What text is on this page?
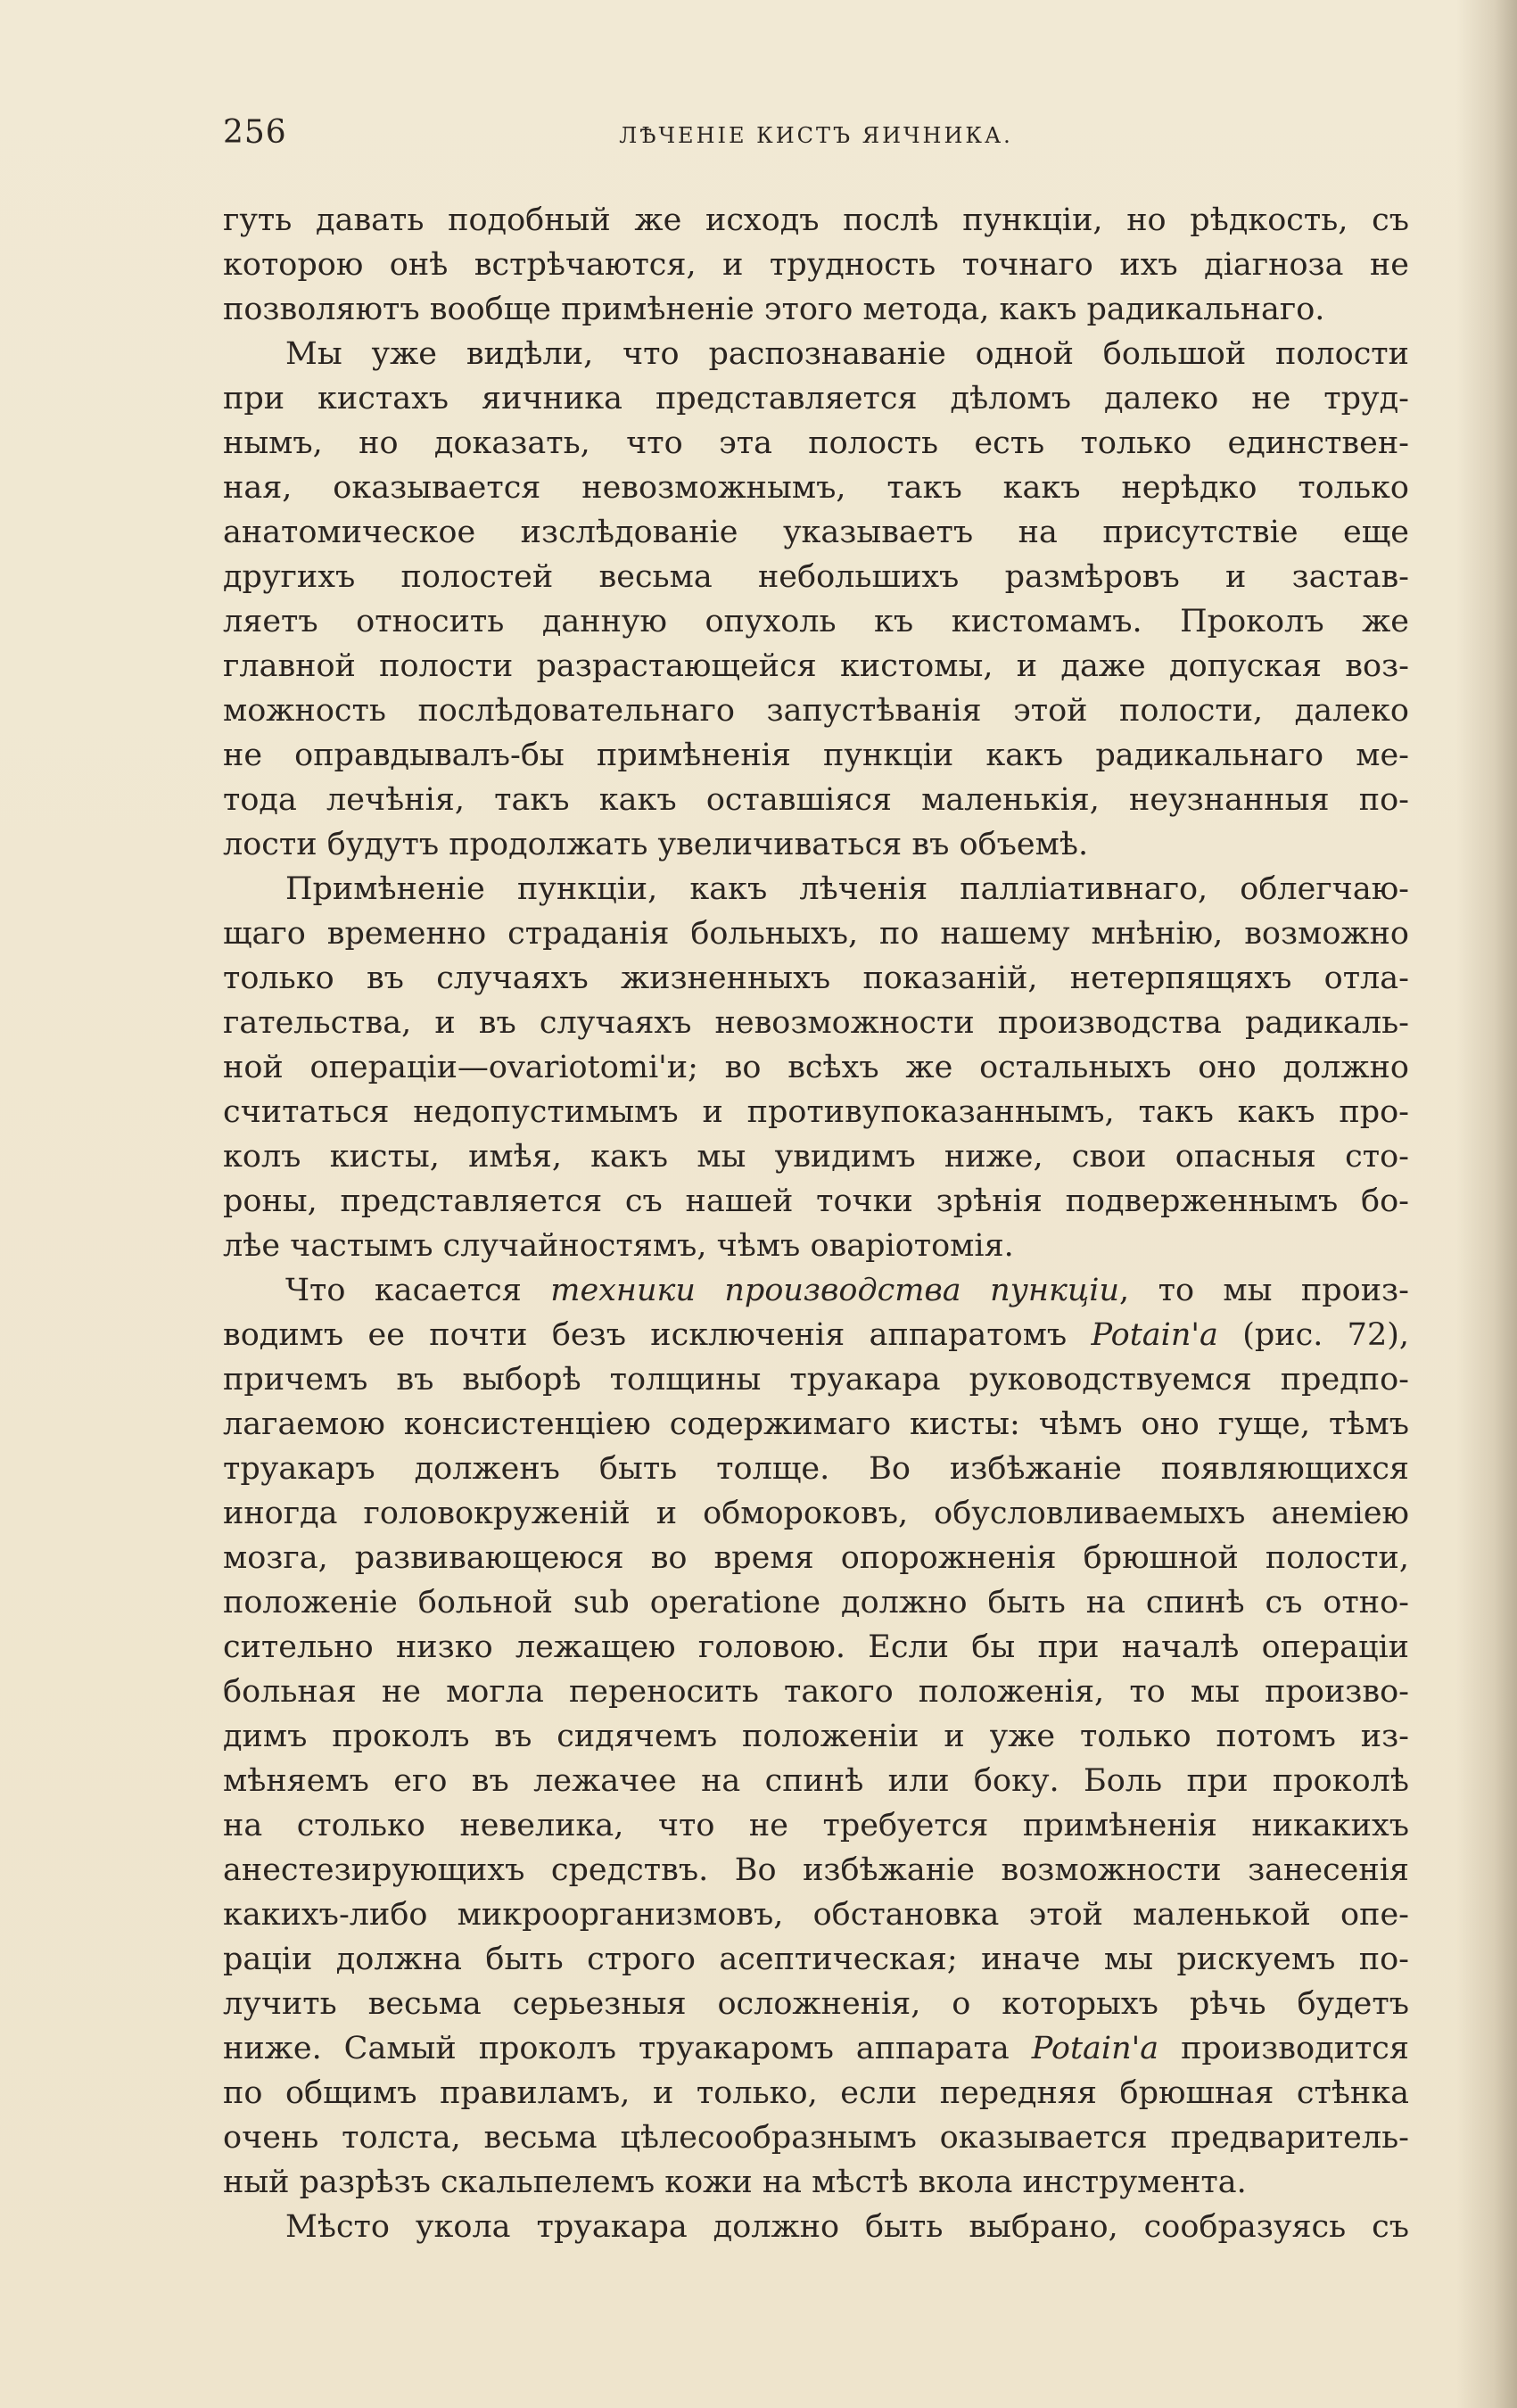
256	ЛѢЧЕНІЕ КИСТЪ ЯИЧНИКА.
гуть давать подобный же исходъ послѣ пункціи, но рѣдкость, съ
которою онѣ встрѣчаются, и трудность точнаго ихъ діагноза не
позволяютъ вообще примѣненіе этого метода, какъ радикальнаго.
Мы уже видѣли, что распознаваніе одной большой полости
при кистахъ яичника представляется дѣломъ далеко не труд-
нымъ, но доказать, что эта полость есть только единствен-
ная, оказывается невозможнымъ, такъ какъ нерѣдко только
анатомическое изслѣдованіе указываетъ на присутствіе еще
другихъ полостей весьма небольшихъ размѣровъ и застав-
ляетъ относить данную опухоль къ кистомамъ. Проколъ же
главной полости разрастающейся кистомы, и даже допуская воз-
можность послѣдовательнаго запустѣванія этой полости, далеко
не оправдывалъ-бы примѣненія пункціи какъ радикальнаго ме-
тода лечѣнія, такъ какъ оставшіяся маленькія, неузнанныя по-
лости будутъ продолжать увеличиваться въ объемѣ.
Примѣненіе пункціи, какъ лѣченія палліативнаго, облегчаю-
щаго временно страданія больныхъ, по нашему мнѣнію, возможно
только въ случаяхъ жизненныхъ показаній, нетерпящяхъ отла-
гательства, и въ случаяхъ невозможности производства радикаль-
ной операціи—ovariotomi'и; во всѣхъ же остальныхъ оно должно
считаться недопустимымъ и противупоказаннымъ, такъ какъ про-
колъ кисты, имѣя, какъ мы увидимъ ниже, свои опасныя сто-
роны, представляется съ нашей точки зрѣнія подверженнымъ бо-
лѣе частымъ случайностямъ, чѣмъ оваріотомія.
Что касается техники производства пункціи, то мы произ-
водимъ ее почти безъ исключенія аппаратомъ Potain'а (рис. 72),
причемъ въ выборѣ толщины труакара руководствуемся предпо-
лагаемою консистенціею содержимаго кисты: чѣмъ оно гуще, тѣмъ
труакаръ долженъ быть толще. Во избѣжаніе появляющихся
иногда головокруженій и обмороковъ, обусловливаемыхъ анеміею
мозга, развивающеюся во время опорожненія брюшной полости,
положеніе больной sub operatione должно быть на спинѣ съ отно-
сительно низко лежащею головою. Если бы при началѣ операціи
больная не могла переносить такого положенія, то мы произво-
димъ проколъ въ сидячемъ положеніи и уже только потомъ из-
мѣняемъ его въ лежачее на спинѣ или боку. Боль при проколѣ
на столько невелика, что не требуется примѣненія никакихъ
анестезирующихъ средствъ. Во избѣжаніе возможности занесенія
какихъ-либо микроорганизмовъ, обстановка этой маленькой опе-
раціи должна быть строго асептическая; иначе мы рискуемъ по-
лучить весьма серьезныя осложненія, о которыхъ рѣчь будетъ
ниже. Самый проколъ труакаромъ аппарата Potain'а производится
по общимъ правиламъ, и только, если передняя брюшная стѣнка
очень толста, весьма цѣлесообразнымъ оказывается предваритель-
ный разрѣзъ скальпелемъ кожи на мѣстѣ вкола инструмента.
Мѣсто укола труакара должно быть выбрано, сообразуясь съ
